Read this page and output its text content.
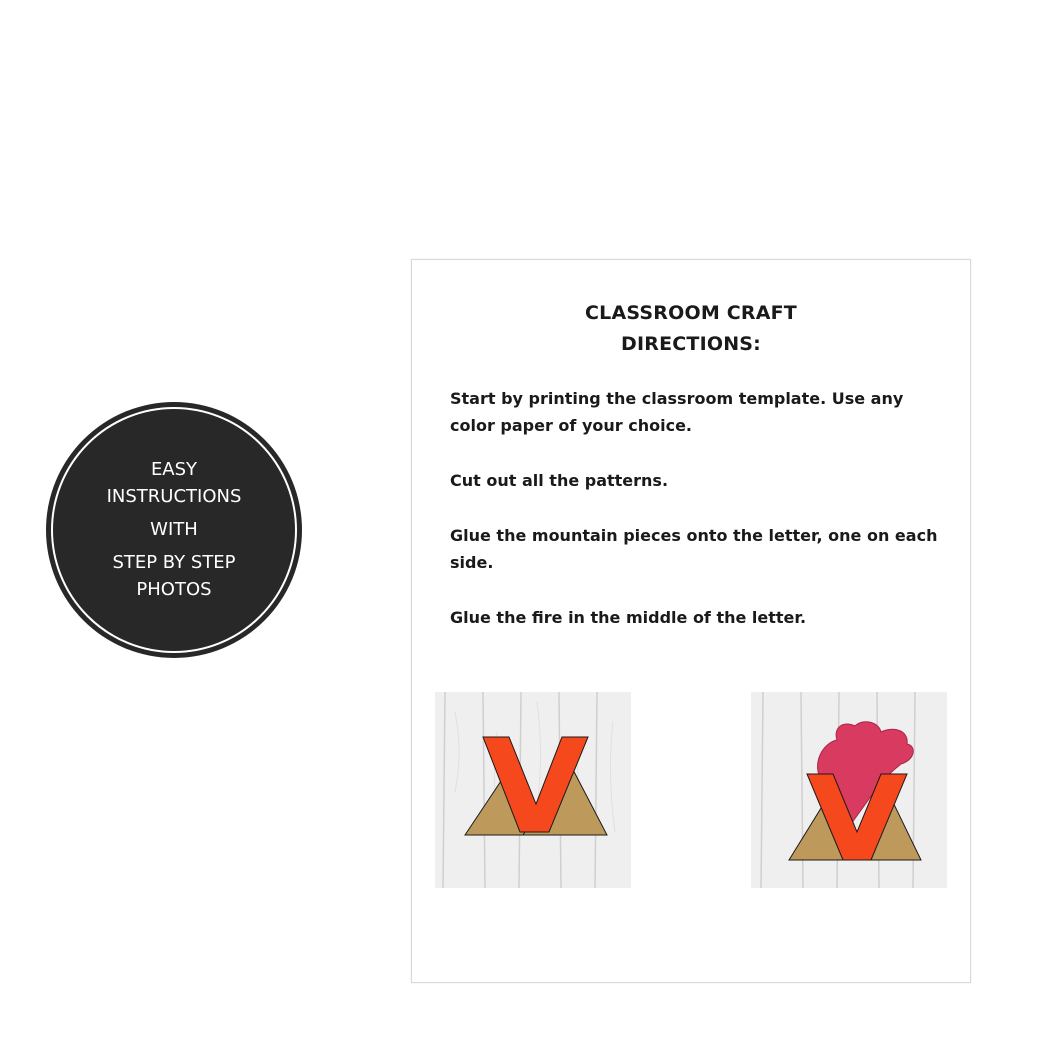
EASY
INSTRUCTIONS
WITH
STEP BY STEP
PHOTOS
CLASSROOM CRAFT
DIRECTIONS:

Start by printing the classroom template. Use any color paper of your choice.

Cut out all the patterns.

Glue the mountain pieces onto the letter, one on each side.

Glue the fire in the middle of the letter.
